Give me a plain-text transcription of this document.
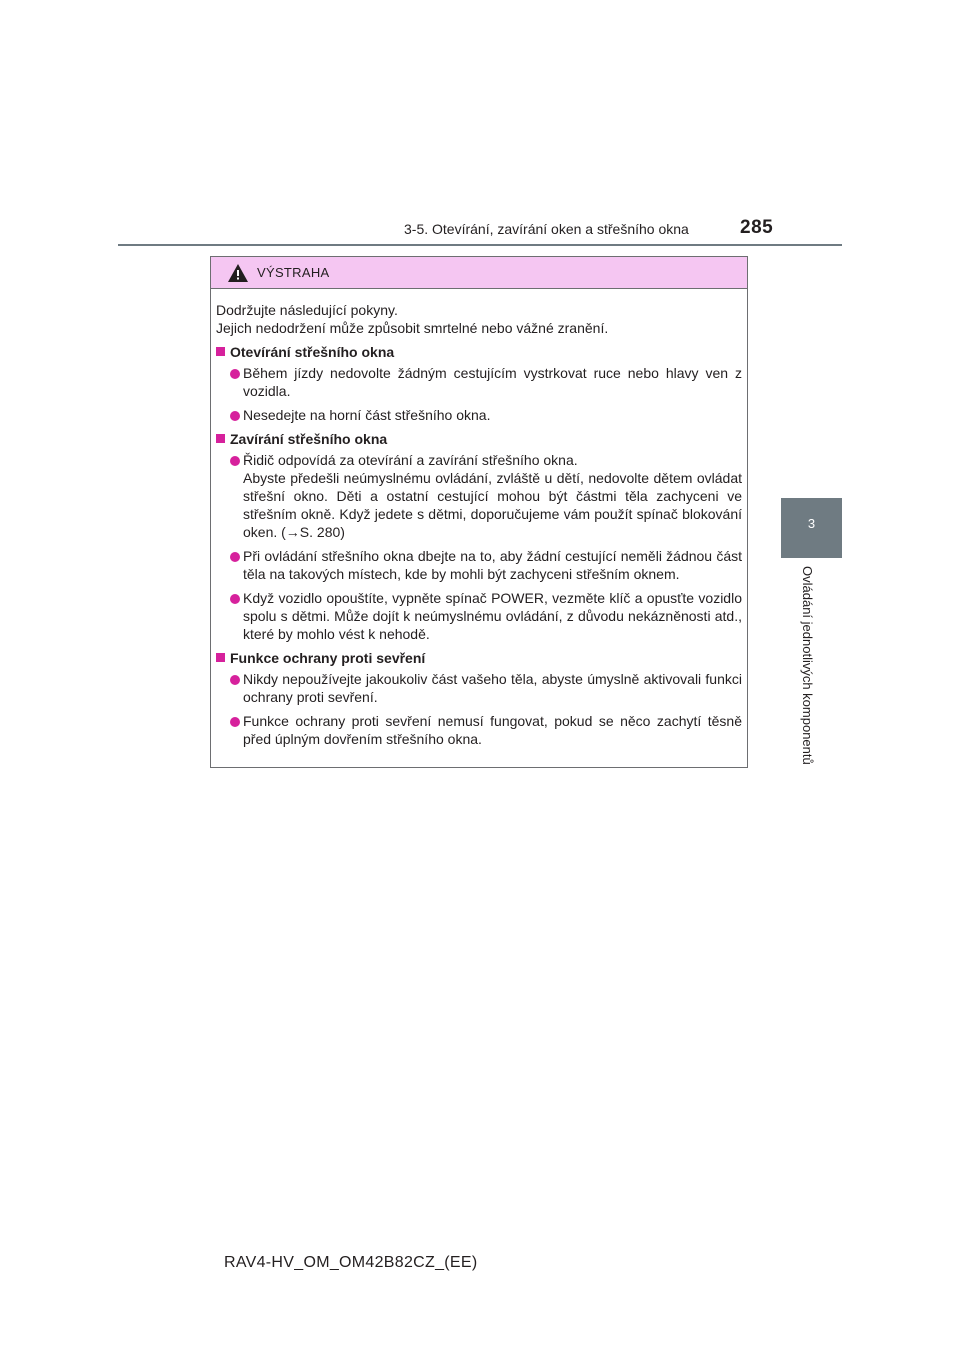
3-5. Otevírání, zavírání oken a střešního okna	285
3
Ovládání jednotlivých komponentů
VÝSTRAHA

Dodržujte následující pokyny.
Jejich nedodržení může způsobit smrtelné nebo vážné zranění.

Otevírání střešního okna
Během jízdy nedovolte žádným cestujícím vystrkovat ruce nebo hlavy ven z vozidla.
Nesedejte na horní část střešního okna.
Zavírání střešního okna
Řidič odpovídá za otevírání a zavírání střešního okna.
Abyste předešli neúmyslnému ovládání, zvláště u dětí, nedovolte dětem ovládat střešní okno. Děti a ostatní cestující mohou být částmi těla zachyceni ve střešním okně. Když jedete s dětmi, doporučujeme vám použít spínač blokování oken. (→S. 280)
Při ovládání střešního okna dbejte na to, aby žádní cestující neměli žádnou část těla na takových místech, kde by mohli být zachyceni střešním oknem.
Když vozidlo opouštíte, vypněte spínač POWER, vezměte klíč a opusťte vozidlo spolu s dětmi. Může dojít k neúmyslnému ovládání, z důvodu nekázněnosti atd., které by mohlo vést k nehodě.
Funkce ochrany proti sevření
Nikdy nepoužívejte jakoukoliv část vašeho těla, abyste úmyslně aktivovali funkci ochrany proti sevření.
Funkce ochrany proti sevření nemusí fungovat, pokud se něco zachytí těsně před úplným dovřením střešního okna.
RAV4-HV_OM_OM42B82CZ_(EE)
